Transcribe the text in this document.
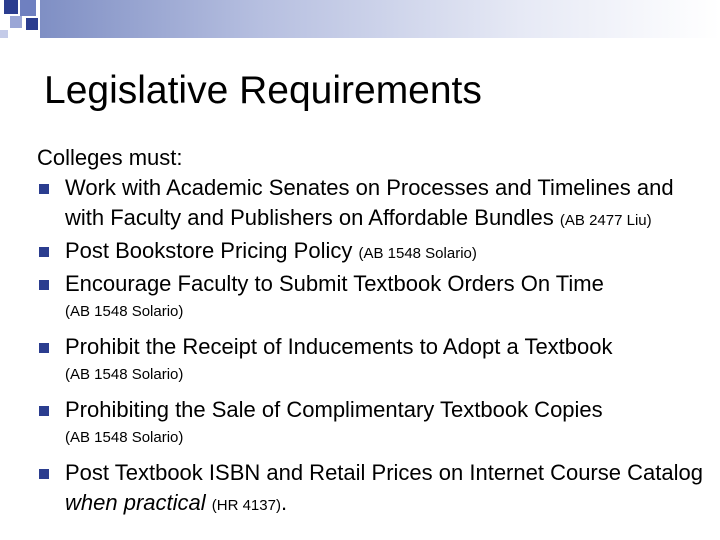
Legislative Requirements

Colleges must:

Work with Academic Senates on Processes and Timelines and with Faculty and Publishers on Affordable Bundles (AB 2477 Liu)
Post Bookstore Pricing Policy (AB 1548 Solario)
Encourage Faculty to Submit Textbook Orders On Time
(AB 1548 Solario)
Prohibit the Receipt of Inducements to Adopt a Textbook
(AB 1548 Solario)
Prohibiting the Sale of Complimentary Textbook Copies
(AB 1548 Solario)
Post Textbook ISBN and Retail Prices on Internet Course Catalog when practical (HR 4137).
